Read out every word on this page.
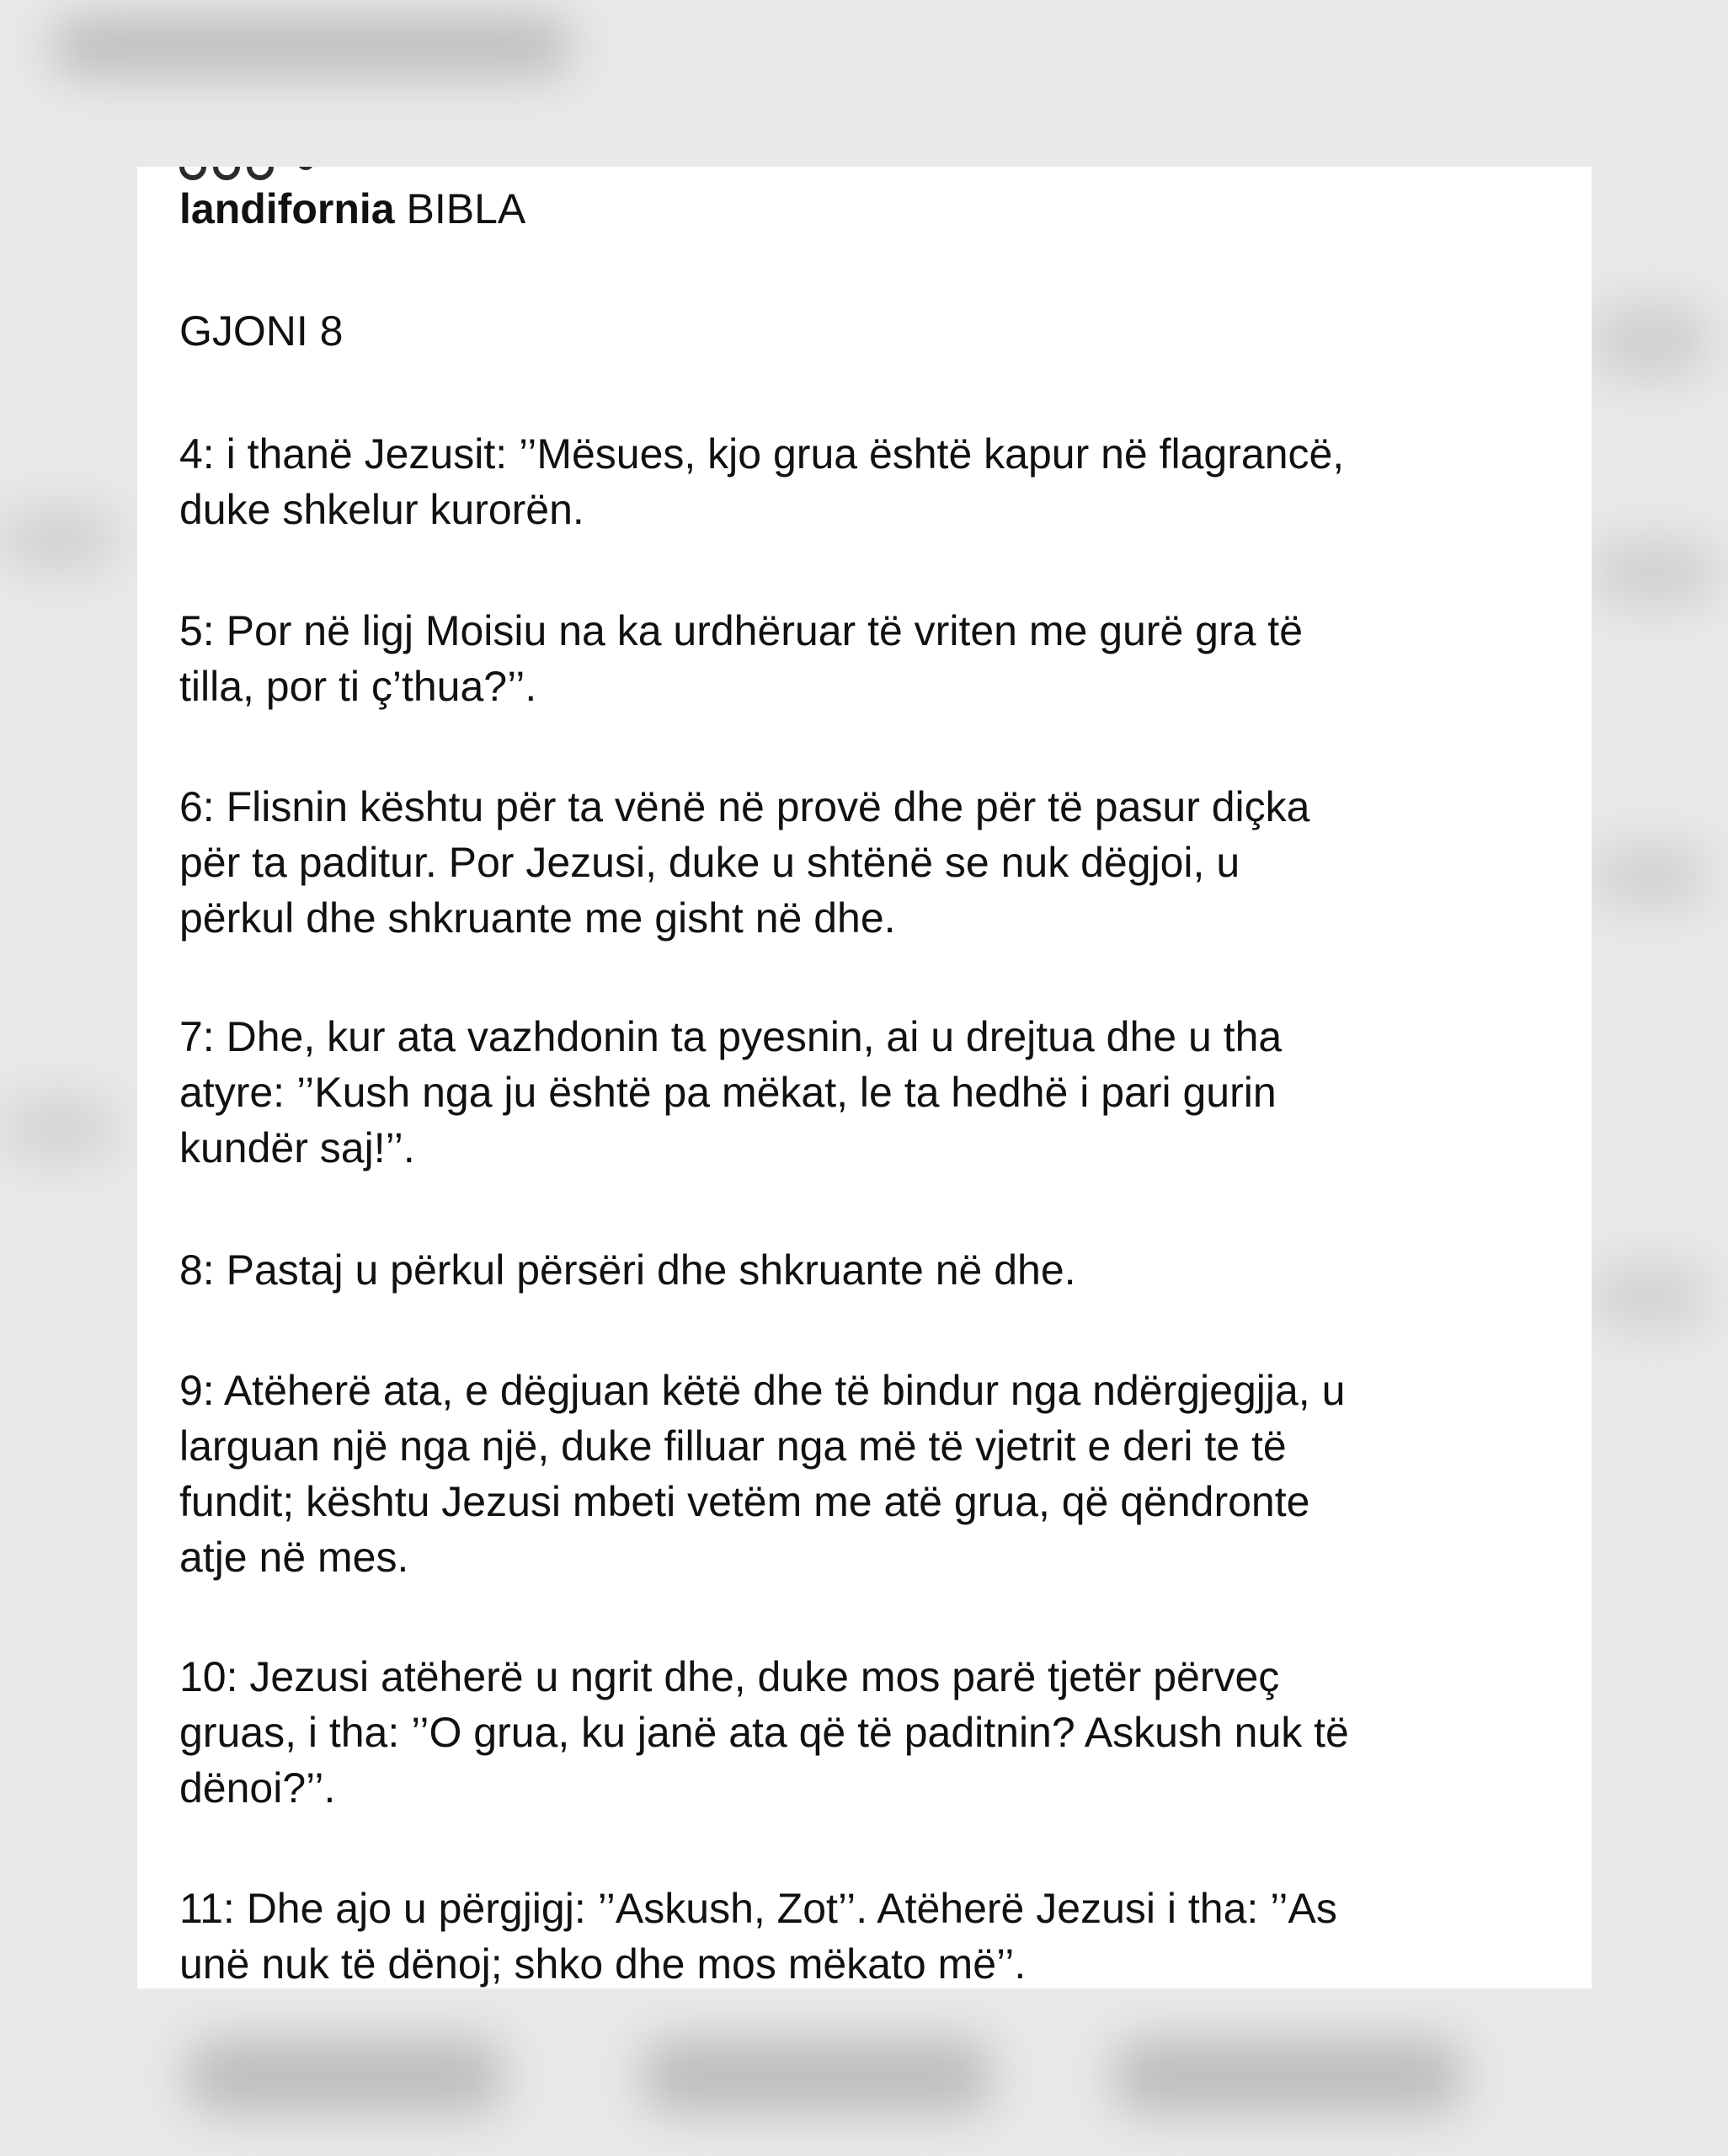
landifornia BIBLA
GJONI 8
4: i thanë Jezusit: ’’Mësues, kjo grua është kapur në flagrancë,
duke shkelur kurorën.
5: Por në ligj Moisiu na ka urdhëruar të vriten me gurë gra të
tilla, por ti ç’thua?’’.
6: Flisnin kështu për ta vënë në provë dhe për të pasur diçka
për ta paditur. Por Jezusi, duke u shtënë se nuk dëgjoi, u
përkul dhe shkruante me gisht në dhe.
7: Dhe, kur ata vazhdonin ta pyesnin, ai u drejtua dhe u tha
atyre: ’’Kush nga ju është pa mëkat, le ta hedhë i pari gurin
kundër saj!’’.
8: Pastaj u përkul përsëri dhe shkruante në dhe.
9: Atëherë ata, e dëgjuan këtë dhe të bindur nga ndërgjegjja, u
larguan një nga një, duke filluar nga më të vjetrit e deri te të
fundit; kështu Jezusi mbeti vetëm me atë grua, që qëndronte
atje në mes.
10: Jezusi atëherë u ngrit dhe, duke mos parë tjetër përveç
gruas, i tha: ’’O grua, ku janë ata që të paditnin? Askush nuk të
dënoi?’’.
11: Dhe ajo u përgjigj: ’’Askush, Zot’’. Atëherë Jezusi i tha: ’’As
unë nuk të dënoj; shko dhe mos mëkato më’’.
